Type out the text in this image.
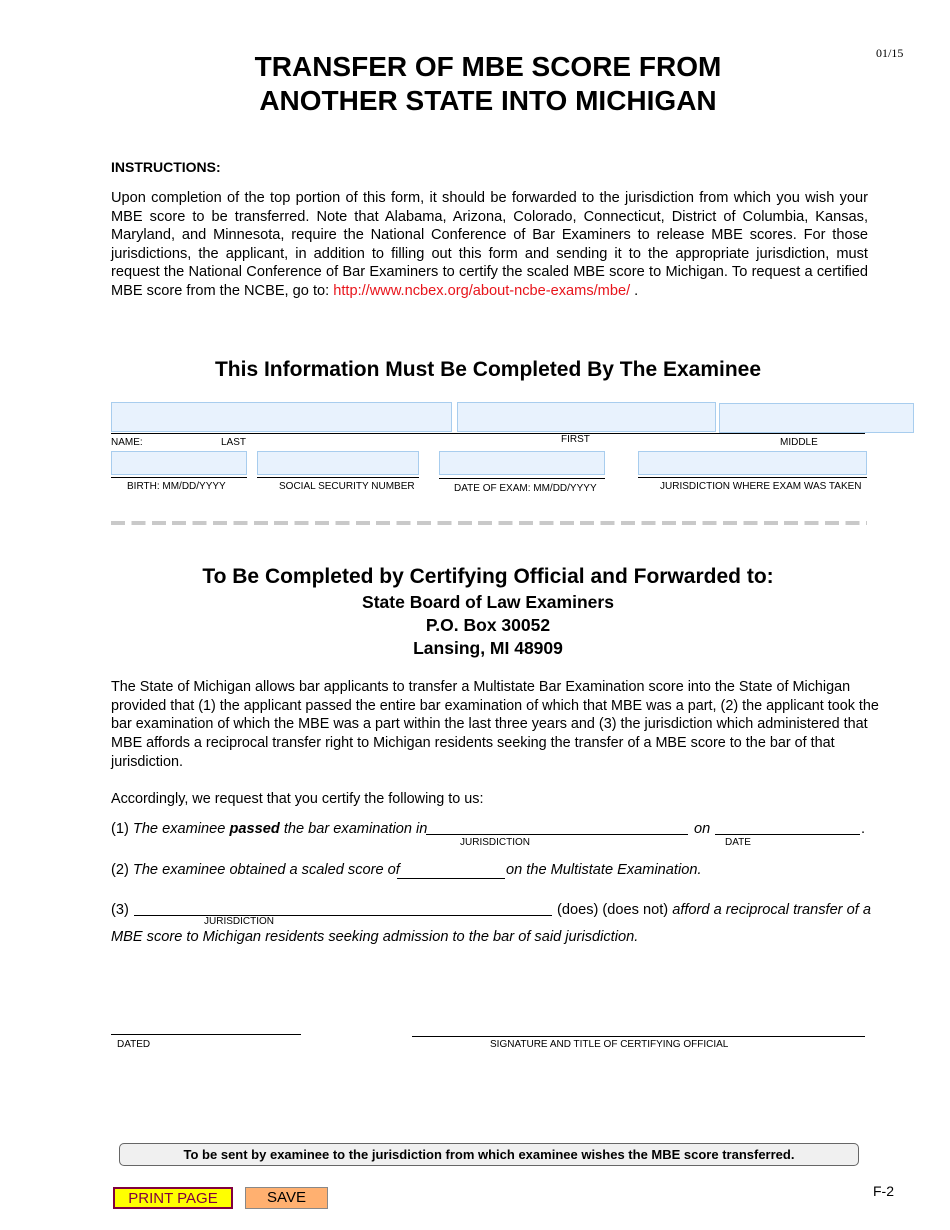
01/15
TRANSFER OF MBE SCORE FROM
ANOTHER STATE INTO MICHIGAN
INSTRUCTIONS:
Upon completion of the top portion of this form, it should be forwarded to the jurisdiction from which you wish your MBE score to be transferred. Note that Alabama, Arizona, Colorado, Connecticut, District of Columbia, Kansas, Maryland, and Minnesota, require the National Conference of Bar Examiners to release MBE scores. For those jurisdictions, the applicant, in addition to filling out this form and sending it to the appropriate jurisdiction, must request the National Conference of Bar Examiners to certify the scaled MBE score to Michigan. To request a certified MBE score from the NCBE, go to: http://www.ncbex.org/about-ncbe-exams/mbe/ .
This Information Must Be Completed By The Examinee
NAME:	LAST	FIRST	MIDDLE
BIRTH: MM/DD/YYYY	SOCIAL SECURITY NUMBER	DATE OF EXAM: MM/DD/YYYY	JURISDICTION WHERE EXAM WAS TAKEN
To Be Completed by Certifying Official and Forwarded to:
State Board of Law Examiners
P.O. Box 30052
Lansing, MI 48909
The State of Michigan allows bar applicants to transfer a Multistate Bar Examination score into the State of Michigan provided that (1) the applicant passed the entire bar examination of which that MBE was a part, (2) the applicant took the bar examination of which the MBE was a part within the last three years and (3) the jurisdiction which administered that MBE affords a reciprocal transfer right to Michigan residents seeking the transfer of a MBE score to the bar of that jurisdiction.
Accordingly, we request that you certify the following to us:
(1) The examinee passed the bar examination in	on	.
JURISDICTION	DATE
(2) The examinee obtained a scaled score of	on the Multistate Examination.
(3)
JURISDICTION
(does) (does not) afford a reciprocal transfer of a
MBE score to Michigan residents seeking admission to the bar of said jurisdiction.
DATED	SIGNATURE AND TITLE OF CERTIFYING OFFICIAL
To be sent by examinee to the jurisdiction from which examinee wishes the MBE score transferred.
PRINT PAGE	SAVE	F-2
